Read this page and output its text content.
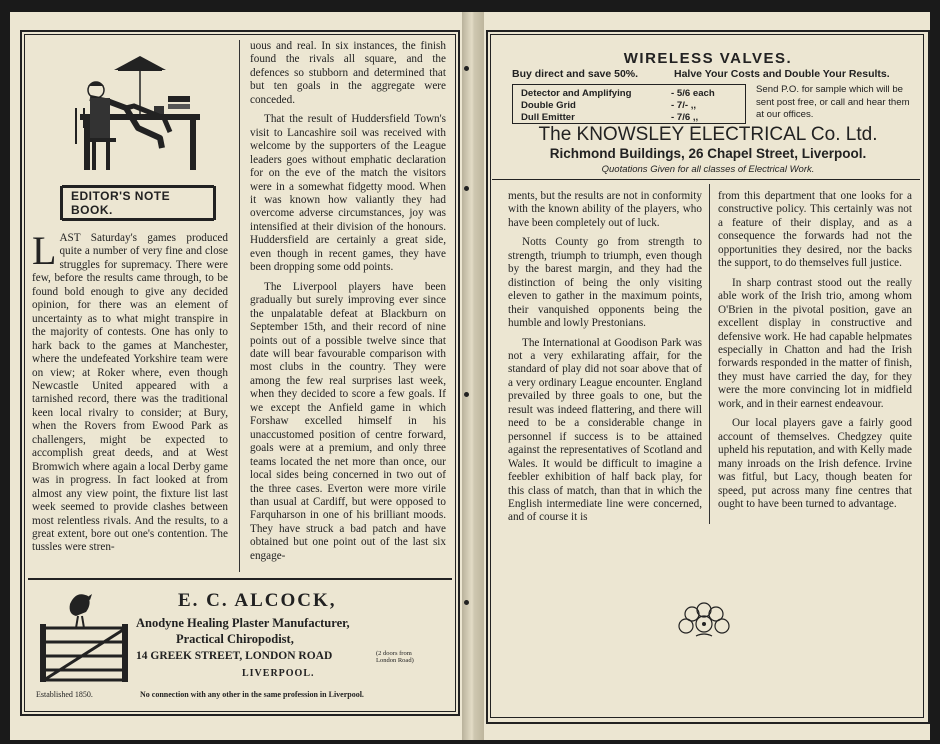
EDITOR'S NOTE BOOK.

LAST Saturday's games produced quite a number of very fine and close struggles for supremacy. There were few, before the results came through, to be found bold enough to give any decided opinion, for there was an element of uncertainty as to what might transpire in the majority of contests. One has only to hark back to the games at Manchester, where the undefeated Yorkshire team were on view; at Roker where, even though Newcastle United appeared with a tarnished record, there was the traditional keen local rivalry to consider; at Bury, when the Rovers from Ewood Park as challengers, might be expected to accomplish great deeds, and at West Bromwich where again a local Derby game was in progress. In fact looked at from almost any view point, the fixture list last week seemed to provide clashes between most relentless rivals. And the results, to a great extent, bore out one's contention. The tussles were stren-

uous and real. In six instances, the finish found the rivals all square, and the defences so stubborn and determined that but ten goals in the aggregate were conceded.

That the result of Huddersfield Town's visit to Lancashire soil was received with welcome by the supporters of the League leaders goes without emphatic declaration for on the eve of the match the visitors were in a somewhat fidgetty mood. When it was known how valiantly they had overcome adverse circumstances, joy was intensified at their division of the honours. Huddersfield are certainly a great side, even though in recent games, they have been dropping some odd points.

The Liverpool players have been gradually but surely improving ever since the unpalatable defeat at Blackburn on September 15th, and their record of nine points out of a possible twelve since that date will bear favourable comparison with most clubs in the country. They were among the few real surprises last week, when they decided to score a few goals. If we except the Anfield game in which Forshaw excelled himself in his unaccustomed position of centre forward, goals were at a premium, and only three teams located the net more than once, our local sides being concerned in two out of the three cases. Everton were more virile than usual at Cardiff, but were opposed to Farquharson in one of his brilliant moods. They have struck a bad patch and have obtained but one point out of the last six engage-

E. C. ALCOCK,
Anodyne Healing Plaster Manufacturer,
Practical Chiropodist,
14 GREEK STREET, LONDON ROAD	(2 doors from
London Road)
LIVERPOOL.
Established 1850.	No connection with any other in the same profession in Liverpool.
WIRELESS VALVES.
Buy direct and save 50%.	Halve Your Costs and Double Your Results.
Detector and Amplifying	- 5/6 each
Double Grid	- 7/- ,,
Dull Emitter	- 7/6 ,,
Send P.O. for sample which will be sent post free, or call and hear them at our offices.
The KNOWSLEY ELECTRICAL Co. Ltd.
Richmond Buildings, 26 Chapel Street, Liverpool.
Quotations Given for all classes of Electrical Work.

ments, but the results are not in conformity with the known ability of the players, who have been completely out of luck.

Notts County go from strength to strength, triumph to triumph, even though by the barest margin, and they had the distinction of being the only visiting eleven to gather in the maximum points, their vanquished opponents being the humble and lowly Prestonians.

The International at Goodison Park was not a very exhilarating affair, for the standard of play did not soar above that of a very ordinary League encounter. England prevailed by three goals to one, but the result was indeed flattering, and there will need to be a considerable change in personnel if success is to be attained against the representatives of Scotland and Wales. It would be difficult to imagine a feebler exhibition of half back play, for this class of match, than that in which the English intermediate line were concerned, and of course it is

from this department that one looks for a constructive policy. This certainly was not a feature of their display, and as a consequence the forwards had not the opportunities they desired, nor the backs the support, to do themselves full justice.

In sharp contrast stood out the really able work of the Irish trio, among whom O'Brien in the pivotal position, gave an excellent display in constructive and defensive work. He had capable helpmates especially in Chatton and had the Irish forwards responded in the matter of finish, they must have carried the day, for they were the more convincing lot in midfield work, and in their earnest endeavour.

Our local players gave a fairly good account of themselves. Chedgzey quite upheld his reputation, and with Kelly made many inroads on the Irish defence. Irvine was fitful, but Lacy, though beaten for speed, put across many fine centres that ought to have been turned to advantage.
